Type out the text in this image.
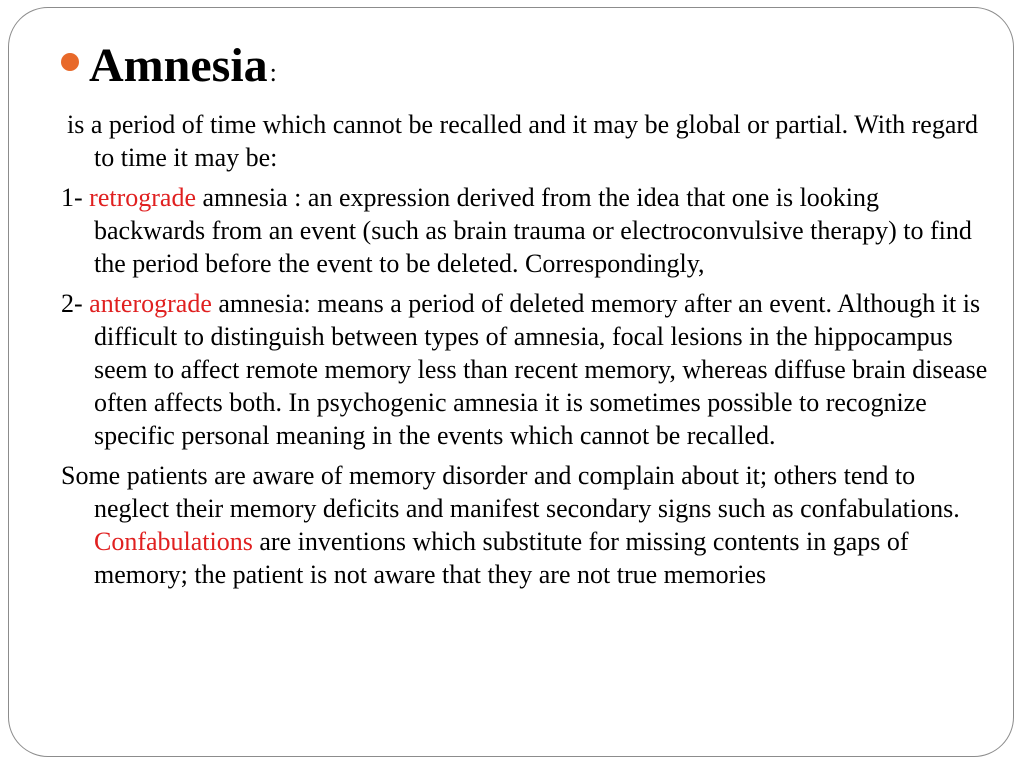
Amnesia :

is a period of time which cannot be recalled and it may be global or partial. With regard to time it may be:

1- retrograde amnesia : an expression derived from the idea that one is looking backwards from an event (such as brain trauma or electroconvulsive therapy) to find the period before the event to be deleted. Correspondingly,

2- anterograde amnesia: means a period of deleted memory after an event. Although it is difficult to distinguish between types of amnesia, focal lesions in the hippocampus seem to affect remote memory less than recent memory, whereas diffuse brain disease often affects both. In psychogenic amnesia it is sometimes possible to recognize specific personal meaning in the events which cannot be recalled.

Some patients are aware of memory disorder and complain about it; others tend to neglect their memory deficits and manifest secondary signs such as confabulations. Confabulations are inventions which substitute for missing contents in gaps of memory; the patient is not aware that they are not true memories
